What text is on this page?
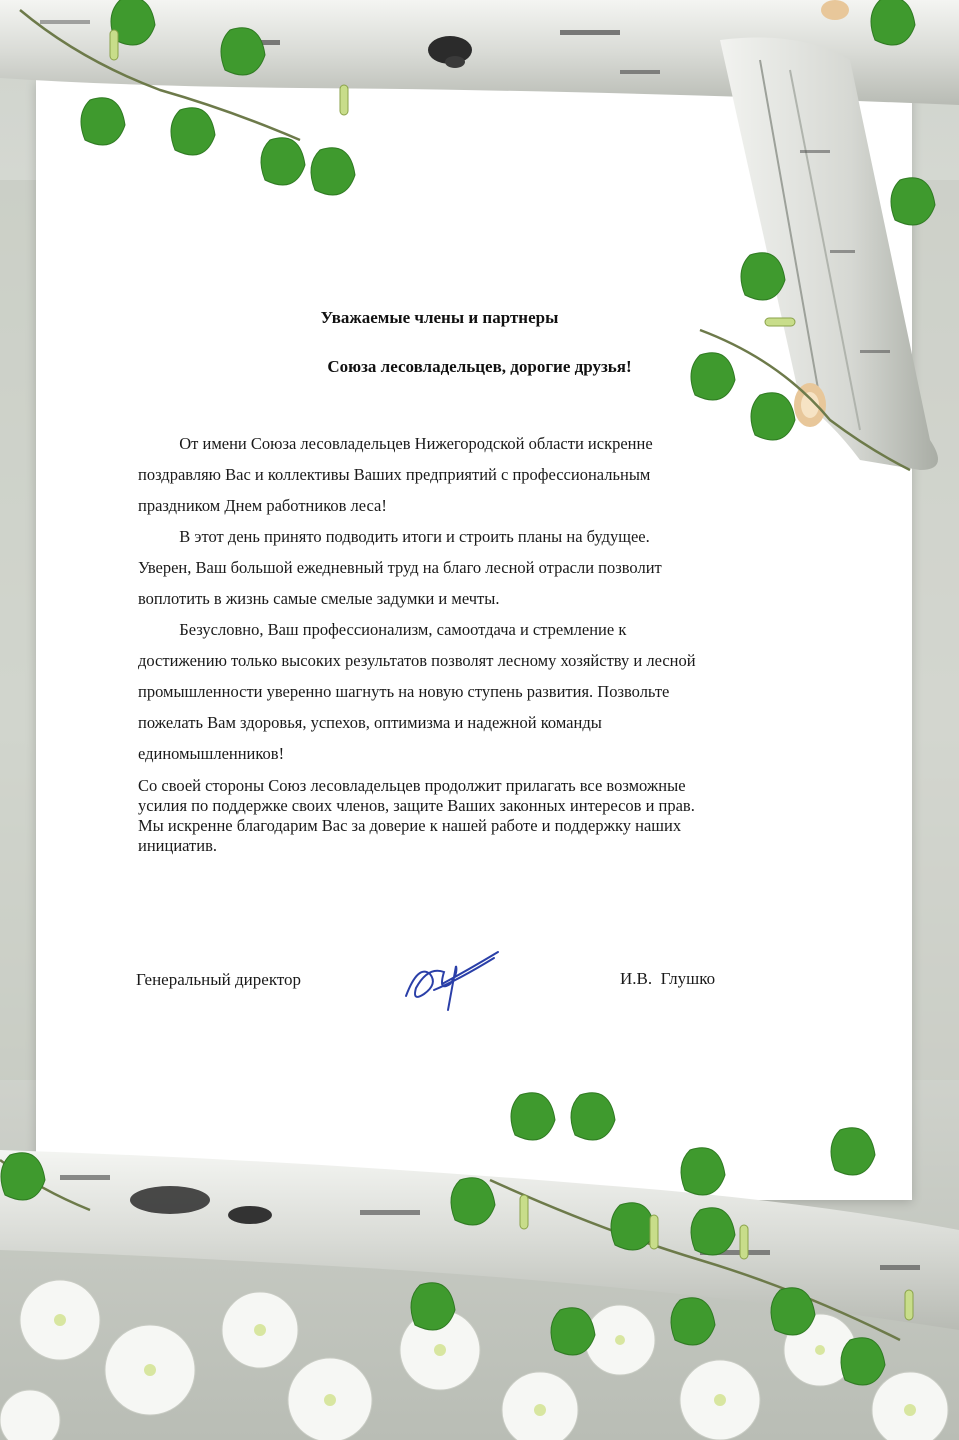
Уважаемые члены и партнеры
Союза лесовладельцев, дорогие друзья!
От имени Союза лесовладельцев Нижегородской области искренне
поздравляю Вас и коллективы Ваших предприятий с профессиональным
праздником Днем работников леса!
В этот день принято подводить итоги и строить планы на будущее.
Уверен, Ваш большой ежедневный труд на благо лесной отрасли позволит
воплотить в жизнь самые смелые задумки и мечты.
Безусловно, Ваш профессионализм, самоотдача и стремление к
достижению только высоких результатов позволят лесному хозяйству и лесной
промышленности уверенно шагнуть на новую ступень развития. Позвольте
пожелать Вам здоровья, успехов, оптимизма и надежной команды
единомышленников!
Со своей стороны Союз лесовладельцев продолжит прилагать все возможные
усилия по поддержке своих членов, защите Ваших законных интересов и прав.
Мы искренне благодарим Вас за доверие к нашей работе и поддержку наших
инициатив.
Генеральный директор	И.В.  Глушко
